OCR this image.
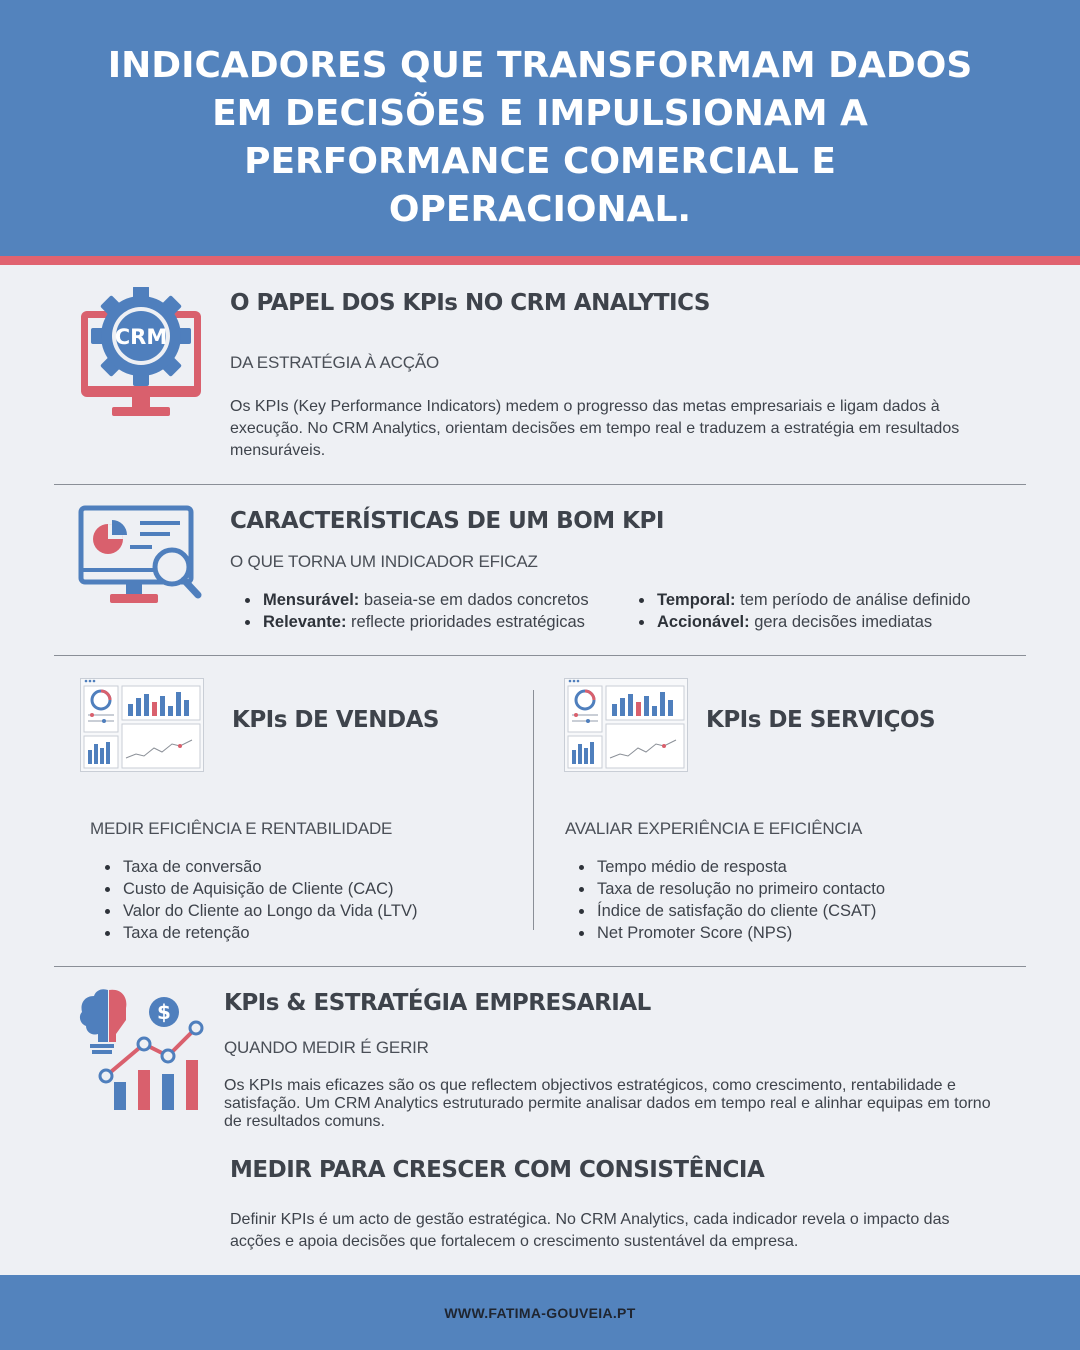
INDICADORES QUE TRANSFORMAM DADOS EM DECISÕES E IMPULSIONAM A PERFORMANCE COMERCIAL E OPERACIONAL.
CRM
O PAPEL DOS KPIs NO CRM ANALYTICS
DA ESTRATÉGIA À ACÇÃO
Os KPIs (Key Performance Indicators) medem o progresso das metas empresariais e ligam dados à execução. No CRM Analytics, orientam decisões em tempo real e traduzem a estratégia em resultados mensuráveis.
CARACTERÍSTICAS DE UM BOM KPI
O QUE TORNA UM INDICADOR EFICAZ
Mensurável: baseia-se em dados concretos
Relevante: reflecte prioridades estratégicas
Temporal: tem período de análise definido
Accionável: gera decisões imediatas
KPIs DE VENDAS
MEDIR EFICIÊNCIA E RENTABILIDADE
Taxa de conversão
Custo de Aquisição de Cliente (CAC)
Valor do Cliente ao Longo da Vida (LTV)
Taxa de retenção
KPIs DE SERVIÇOS
AVALIAR EXPERIÊNCIA E EFICIÊNCIA
Tempo médio de resposta
Taxa de resolução no primeiro contacto
Índice de satisfação do cliente (CSAT)
Net Promoter Score (NPS)
$ KPIs & ESTRATÉGIA EMPRESARIAL
QUANDO MEDIR É GERIR
Os KPIs mais eficazes são os que reflectem objectivos estratégicos, como crescimento, rentabilidade e satisfação. Um CRM Analytics estruturado permite analisar dados em tempo real e alinhar equipas em torno de resultados comuns.
MEDIR PARA CRESCER COM CONSISTÊNCIA
Definir KPIs é um acto de gestão estratégica. No CRM Analytics, cada indicador revela o impacto das acções e apoia decisões que fortalecem o crescimento sustentável da empresa.
WWW.FATIMA-GOUVEIA.PT
